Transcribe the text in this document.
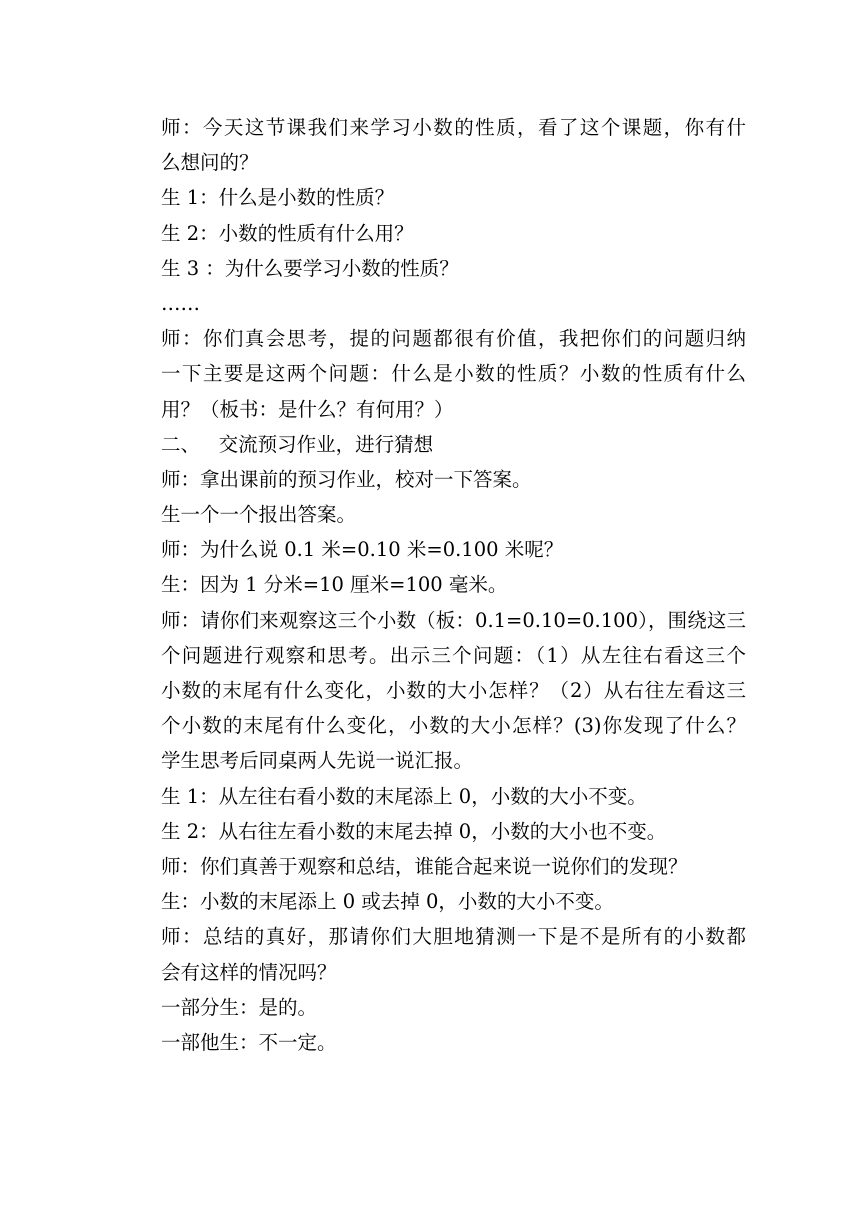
师：今天这节课我们来学习小数的性质，看了这个课题，你有什

么想问的？

生 1：什么是小数的性质？

生 2：小数的性质有什么用？

生 3 ：为什么要学习小数的性质？

……

师：你们真会思考，提的问题都很有价值，我把你们的问题归纳

一下主要是这两个问题：什么是小数的性质？小数的性质有什么

用？（板书：是什么？有何用？）

二、   交流预习作业，进行猜想

师：拿出课前的预习作业，校对一下答案。

生一个一个报出答案。

师：为什么说 0.1 米=0.10 米=0.100 米呢？

生：因为 1 分米=10 厘米=100 毫米。

师：请你们来观察这三个小数（板：0.1=0.10=0.100），围绕这三

个问题进行观察和思考。出示三个问题：（1）从左往右看这三个

小数的末尾有什么变化，小数的大小怎样？（2）从右往左看这三

个小数的末尾有什么变化，小数的大小怎样？(3)你发现了什么？

学生思考后同桌两人先说一说汇报。

生 1：从左往右看小数的末尾添上 0，小数的大小不变。

生 2：从右往左看小数的末尾去掉 0，小数的大小也不变。

师：你们真善于观察和总结，谁能合起来说一说你们的发现？

生：小数的末尾添上 0 或去掉 0，小数的大小不变。

师：总结的真好，那请你们大胆地猜测一下是不是所有的小数都

会有这样的情况吗？

一部分生：是的。

一部他生：不一定。
